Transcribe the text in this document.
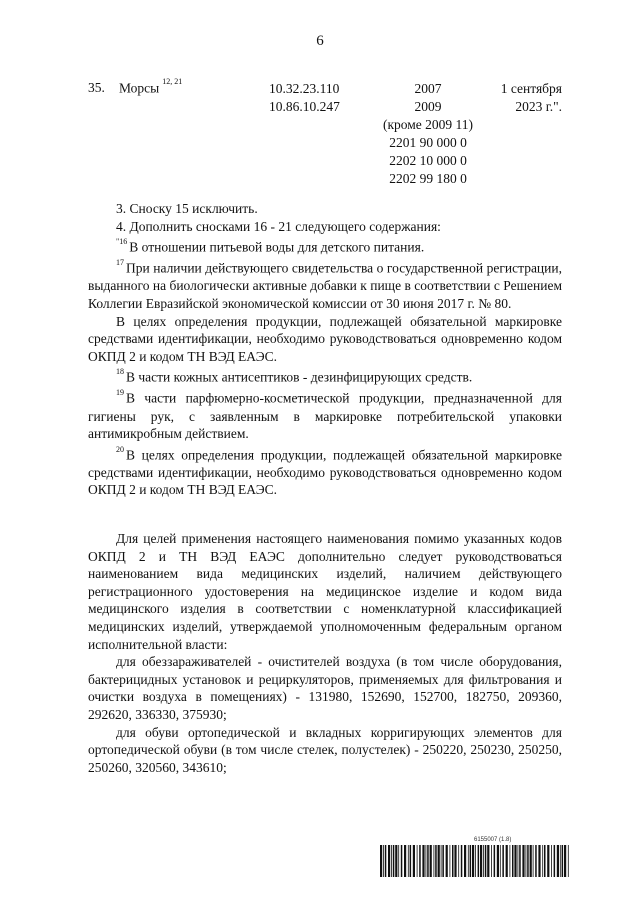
6
35. Морсы $^{12, 21}$	10.32.23.110
10.86.10.247
2007
2009
(кроме 2009 11)
2201 90 000 0
2202 10 000 0
2202 99 180 0
1 сентября
2023 г.".

3. Сноску 15 исключить.

4. Дополнить сносками 16 - 21 следующего содержания:

$^{"16}$ В отношении питьевой воды для детского питания.

$^{17}$ При наличии действующего свидетельства о государственной регистрации, выданного на биологически активные добавки к пище в соответствии с Решением Коллегии Евразийской экономической комиссии от 30 июня 2017 г. № 80.

В целях определения продукции, подлежащей обязательной маркировке средствами идентификации, необходимо руководствоваться одновременно кодом ОКПД 2 и кодом ТН ВЭД ЕАЭС.

$^{18}$ В части кожных антисептиков - дезинфицирующих средств.

$^{19}$ В части парфюмерно-косметической продукции, предназначенной для гигиены рук, с заявленным в маркировке потребительской упаковки антимикробным действием.

$^{20}$ В целях определения продукции, подлежащей обязательной маркировке средствами идентификации, необходимо руководствоваться одновременно кодом ОКПД 2 и кодом ТН ВЭД ЕАЭС.

Для целей применения настоящего наименования помимо указанных кодов ОКПД 2 и ТН ВЭД ЕАЭС дополнительно следует руководствоваться наименованием вида медицинских изделий, наличием действующего регистрационного удостоверения на медицинское изделие и кодом вида медицинского изделия в соответствии с номенклатурной классификацией медицинских изделий, утверждаемой уполномоченным федеральным органом исполнительной власти:

для обеззараживателей - очистителей воздуха (в том числе оборудования, бактерицидных установок и рециркуляторов, применяемых для фильтрования и очистки воздуха в помещениях) - 131980, 152690, 152700, 182750, 209360, 292620, 336330, 375930;

для обуви ортопедической и вкладных корригирующих элементов для ортопедической обуви (в том числе стелек, полустелек) - 250220, 250230, 250250, 250260, 320560, 343610;

6155007 (1.8)
